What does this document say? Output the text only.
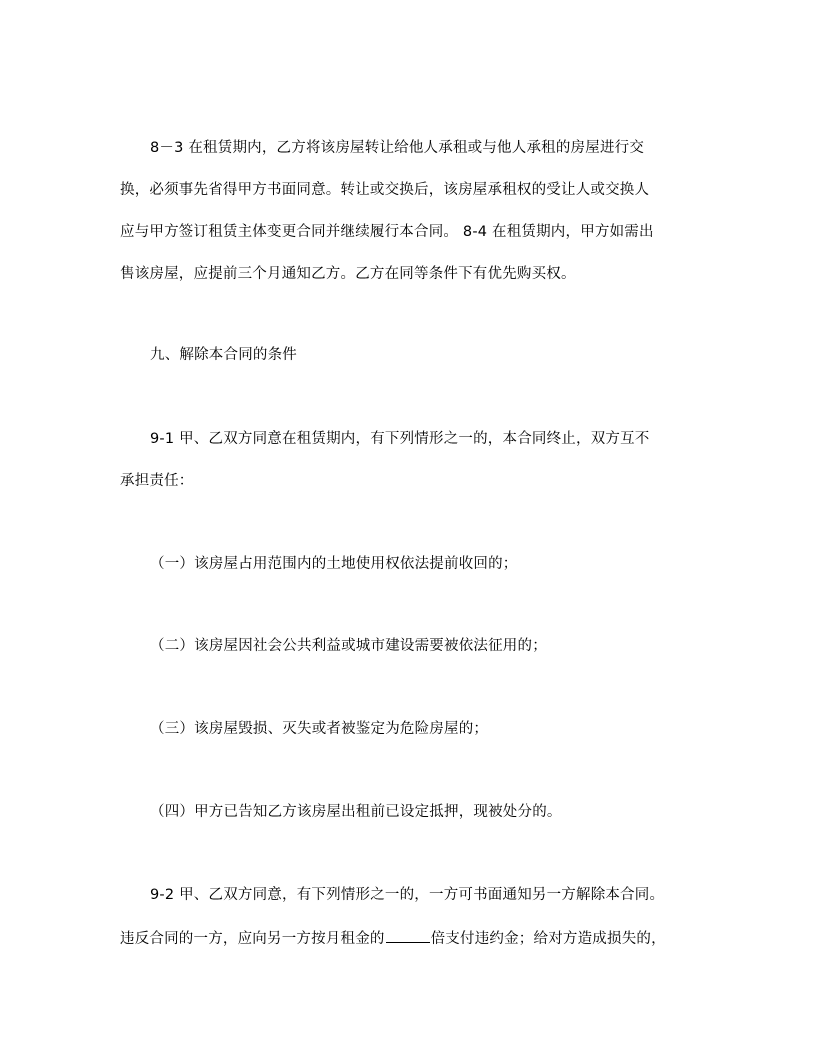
8－3 在租赁期内，乙方将该房屋转让给他人承租或与他人承租的房屋进行交
换，必须事先省得甲方书面同意。转让或交换后，该房屋承租权的受让人或交换人
应与甲方签订租赁主体变更合同并继续履行本合同。 8-4 在租赁期内，甲方如需出
售该房屋，应提前三个月通知乙方。乙方在同等条件下有优先购买权。
九、解除本合同的条件
9-1 甲、乙双方同意在租赁期内，有下列情形之一的，本合同终止，双方互不
承担责任：
（一）该房屋占用范围内的土地使用权依法提前收回的；
（二）该房屋因社会公共利益或城市建设需要被依法征用的；
（三）该房屋毁损、灭失或者被鉴定为危险房屋的；
（四）甲方已告知乙方该房屋出租前已设定抵押，现被处分的。
9-2 甲、乙双方同意，有下列情形之一的，一方可书面通知另一方解除本合同。
违反合同的一方，应向另一方按月租金的	倍支付违约金；给对方造成损失的，
